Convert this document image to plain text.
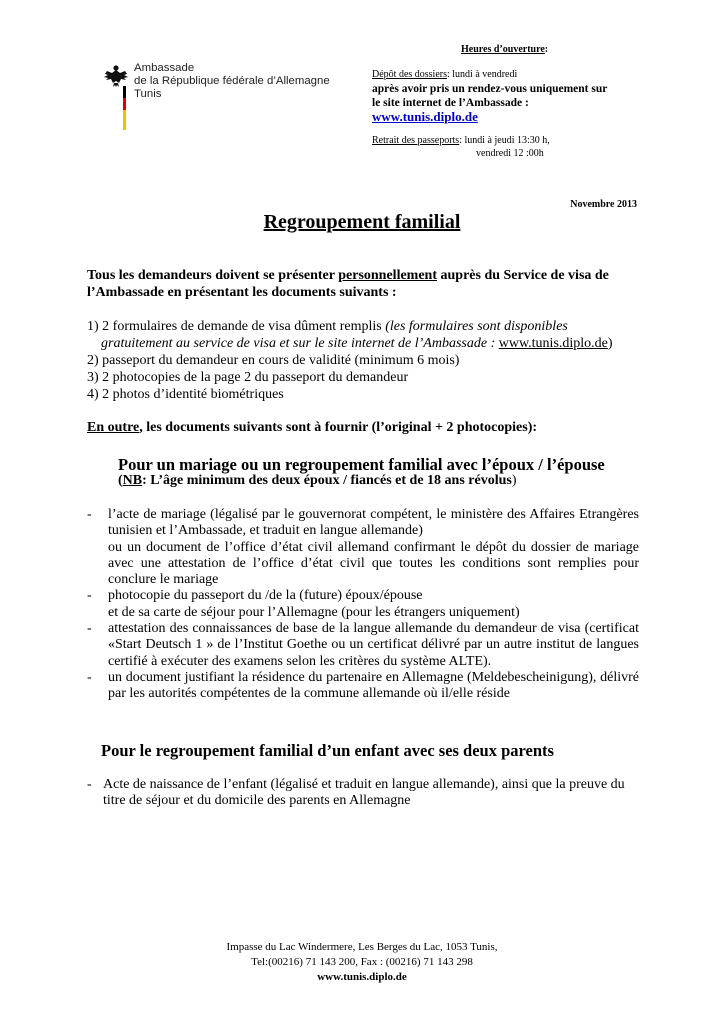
Ambassade
de la République fédérale d’Allemagne
Tunis
Heures d’ouverture:
Dépôt des dossiers: lundi à vendredi
après avoir pris un rendez-vous uniquement sur
le site internet de l’Ambassade :
www.tunis.diplo.de
Retrait des passeports: lundi à jeudi 13:30 h,
vendredi 12 :00h
Novembre 2013
Regroupement familial
Tous les demandeurs doivent se présenter personnellement auprès du Service de visa de
l’Ambassade en présentant les documents suivants :
1) 2 formulaires de demande de visa dûment remplis (les formulaires sont disponibles
gratuitement au service de visa et sur le site internet de l’Ambassade : www.tunis.diplo.de)
2) passeport du demandeur en cours de validité (minimum 6 mois)
3) 2 photocopies de la page 2 du passeport du demandeur
4) 2 photos d’identité biométriques
En outre, les documents suivants sont à fournir (l’original + 2 photocopies):
Pour un mariage ou un regroupement familial avec l’époux / l’épouse
(NB: L’âge minimum des deux époux / fiancés et de 18 ans révolus)
- l’acte de mariage (légalisé par le gouvernorat compétent, le ministère des Affaires Etrangères tunisien et l’Ambassade, et traduit en langue allemande)
ou un document de l’office d’état civil allemand confirmant le dépôt du dossier de mariage avec une attestation de l’office d’état civil que toutes les conditions sont remplies pour conclure le mariage
- photocopie du passeport du /de la (future) époux/épouse
et de sa carte de séjour pour l’Allemagne (pour les étrangers uniquement)
- attestation des connaissances de base de la langue allemande du demandeur de visa (certificat «Start Deutsch 1 » de l’Institut Goethe ou un certificat délivré par un autre institut de langues certifié à exécuter des examens selon les critères du système ALTE).
- un document justifiant la résidence du partenaire en Allemagne (Meldebescheinigung), délivré par les autorités compétentes de la commune allemande où il/elle réside
Pour le regroupement familial d’un enfant avec ses deux parents
- Acte de naissance de l’enfant (légalisé et traduit en langue allemande), ainsi que la preuve du titre de séjour et du domicile des parents en Allemagne
Impasse du Lac Windermere, Les Berges du Lac, 1053 Tunis,
Tel:(00216) 71 143 200, Fax : (00216) 71 143 298
www.tunis.diplo.de
